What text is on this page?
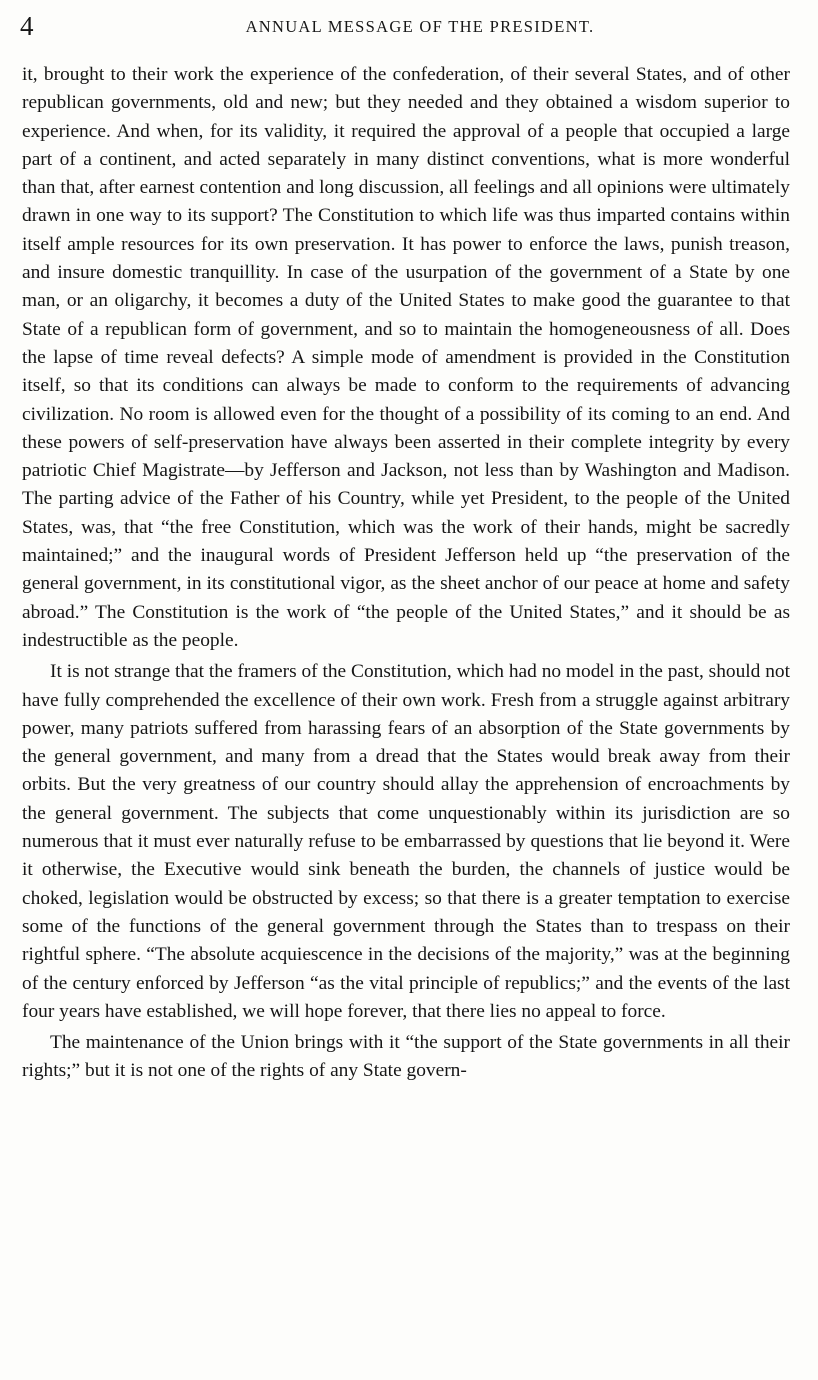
4	ANNUAL MESSAGE OF THE PRESIDENT.

it, brought to their work the experience of the confederation, of their several States, and of other republican governments, old and new; but they needed and they obtained a wisdom superior to experience. And when, for its validity, it required the approval of a people that occupied a large part of a continent, and acted separately in many distinct conventions, what is more wonderful than that, after earnest contention and long discussion, all feelings and all opinions were ultimately drawn in one way to its support? The Constitution to which life was thus imparted contains within itself ample resources for its own preservation. It has power to enforce the laws, punish treason, and insure domestic tranquillity. In case of the usurpation of the government of a State by one man, or an oligarchy, it becomes a duty of the United States to make good the guarantee to that State of a republican form of government, and so to maintain the homogeneousness of all. Does the lapse of time reveal defects? A simple mode of amendment is provided in the Constitution itself, so that its conditions can always be made to conform to the requirements of advancing civilization. No room is allowed even for the thought of a possibility of its coming to an end. And these powers of self-preservation have always been asserted in their complete integrity by every patriotic Chief Magistrate—by Jefferson and Jackson, not less than by Washington and Madison. The parting advice of the Father of his Country, while yet President, to the people of the United States, was, that “the free Constitution, which was the work of their hands, might be sacredly maintained;” and the inaugural words of President Jefferson held up “the preservation of the general government, in its constitutional vigor, as the sheet anchor of our peace at home and safety abroad.” The Constitution is the work of “the people of the United States,” and it should be as indestructible as the people.

It is not strange that the framers of the Constitution, which had no model in the past, should not have fully comprehended the excellence of their own work. Fresh from a struggle against arbitrary power, many patriots suffered from harassing fears of an absorption of the State governments by the general government, and many from a dread that the States would break away from their orbits. But the very greatness of our country should allay the apprehension of encroachments by the general government. The subjects that come unquestionably within its jurisdiction are so numerous that it must ever naturally refuse to be embarrassed by questions that lie beyond it. Were it otherwise, the Executive would sink beneath the burden, the channels of justice would be choked, legislation would be obstructed by excess; so that there is a greater temptation to exercise some of the functions of the general government through the States than to trespass on their rightful sphere. “The absolute acquiescence in the decisions of the majority,” was at the beginning of the century enforced by Jefferson “as the vital principle of republics;” and the events of the last four years have established, we will hope forever, that there lies no appeal to force.

The maintenance of the Union brings with it “the support of the State governments in all their rights;” but it is not one of the rights of any State govern-
